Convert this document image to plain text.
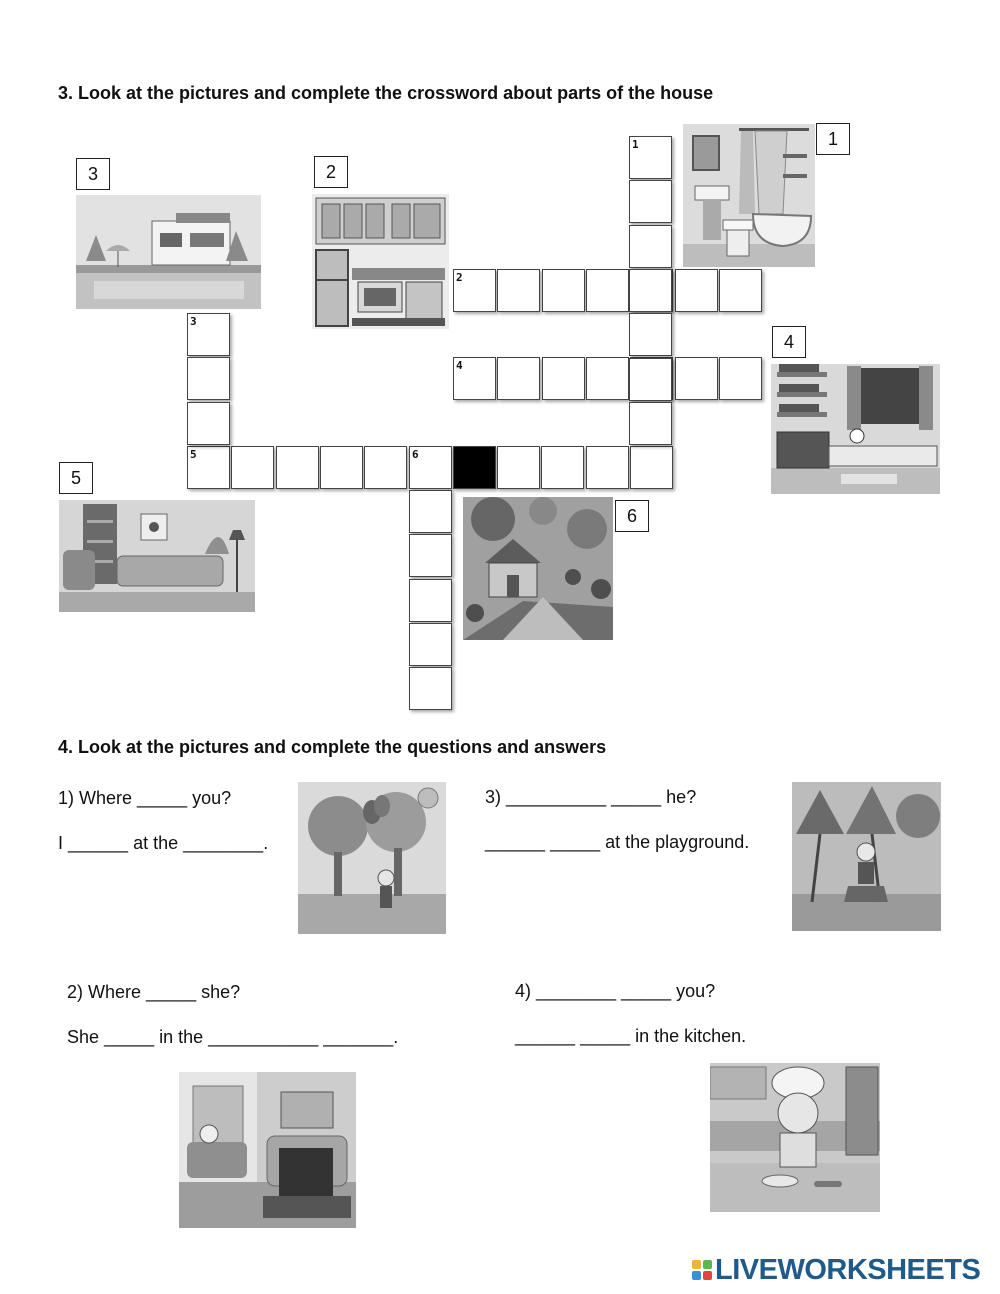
3. Look at the pictures and complete the crossword about parts of the house
2
4
5	6
1
3
1
2
3
4
5
6
4. Look at the pictures and complete the questions and answers
1) Where _____ you?
I ______ at the ________.
3) __________ _____ he?
______ _____ at the playground.
2) Where _____ she?
She _____ in the ___________ _______.
4) ________ _____ you?
______ _____ in the kitchen.
LIVEWORKSHEETS
